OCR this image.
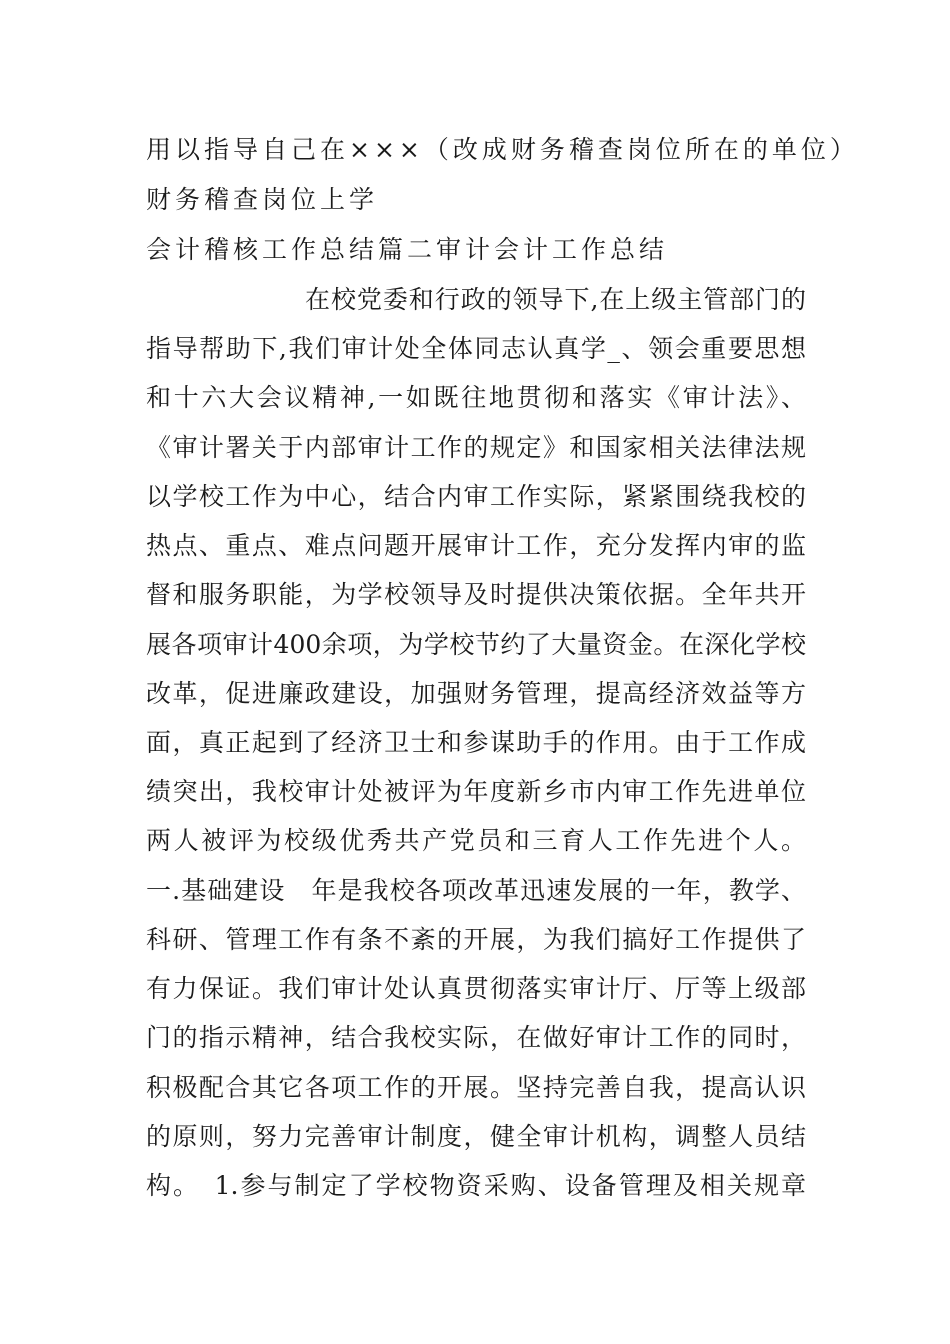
用以指导自己在×××（改成财务稽查岗位所在的单位）
财务稽查岗位上学
会计稽核工作总结篇二审计会计工作总结
在校党委和行政的领导下,在上级主管部门的
指导帮助下,我们审计处全体同志认真学_、领会重要思想
和十六大会议精神,一如既往地贯彻和落实《审计法》、
《审计署关于内部审计工作的规定》和国家相关法律法规
以学校工作为中心，结合内审工作实际，紧紧围绕我校的
热点、重点、难点问题开展审计工作，充分发挥内审的监
督和服务职能，为学校领导及时提供决策依据。全年共开
展各项审计400余项，为学校节约了大量资金。在深化学校
改革，促进廉政建设，加强财务管理，提高经济效益等方
面，真正起到了经济卫士和参谋助手的作用。由于工作成
绩突出，我校审计处被评为年度新乡市内审工作先进单位
两人被评为校级优秀共产党员和三育人工作先进个人。
一.基础建设　年是我校各项改革迅速发展的一年，教学、
科研、管理工作有条不紊的开展，为我们搞好工作提供了
有力保证。我们审计处认真贯彻落实审计厅、厅等上级部
门的指示精神，结合我校实际，在做好审计工作的同时，
积极配合其它各项工作的开展。坚持完善自我，提高认识
的原则，努力完善审计制度，健全审计机构，调整人员结
构。　1.参与制定了学校物资采购、设备管理及相关规章
